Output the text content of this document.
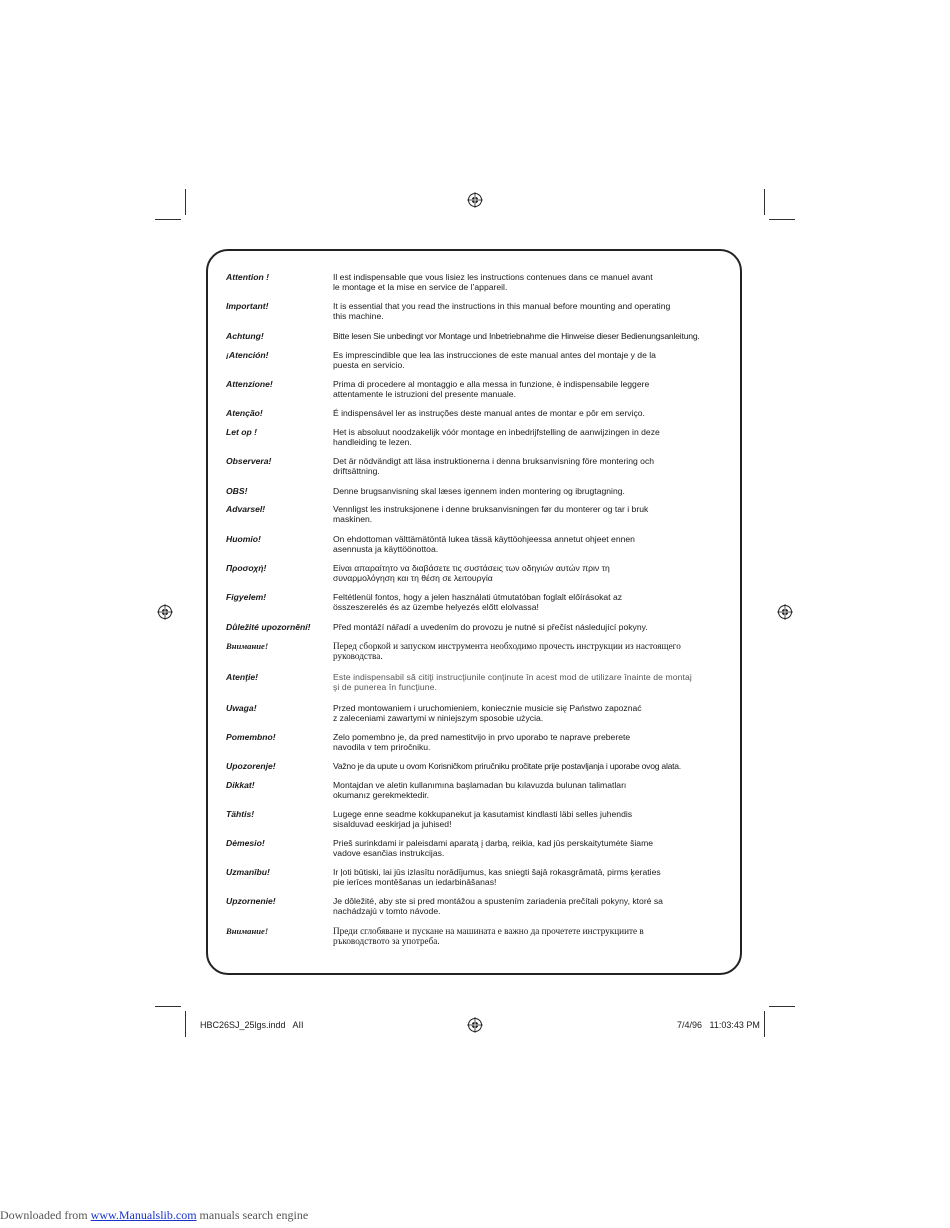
Attention !	Il est indispensable que vous lisiez les instructions contenues dans ce manuel avant
le montage et la mise en service de l’appareil.
Important!	It is essential that you read the instructions in this manual before mounting and operating
this machine.
Achtung!	Bitte lesen Sie unbedingt vor Montage und Inbetriebnahme die Hinweise dieser Bedienungsanleitung.
¡Atención!	Es imprescindible que lea las instrucciones de este manual antes del montaje y de la
puesta en servicio.
Attenzione!	Prima di procedere al montaggio e alla messa in funzione, è indispensabile leggere
attentamente le istruzioni del presente manuale.
Atenção!	É indispensável ler as instruções deste manual antes de montar e pôr em serviço.
Let op !	Het is absoluut noodzakelijk vóór montage en inbedrijfstelling de aanwijzingen in deze
handleiding te lezen.
Observera!	Det är nödvändigt att läsa instruktionerna i denna bruksanvisning före montering och
driftsättning.
OBS!	Denne brugsanvisning skal læses igennem inden montering og ibrugtagning.
Advarsel!	Vennligst les instruksjonene i denne bruksanvisningen før du monterer og tar i bruk
maskinen.
Huomio!	On ehdottoman välttämätöntä lukea tässä käyttöohjeessa annetut ohjeet ennen
asennusta ja käyttöönottoa.
Προσοχή!	Είναι απαραίτητο να διαβάσετε τις συστάσεις των οδηγιών αυτών πριν τη
συναρμολόγηση και τη θέση σε λειτουργία
Figyelem!	Feltétlenül fontos, hogy a jelen használati útmutatóban foglalt előírásokat az
összeszerelés és az üzembe helyezés előtt elolvassa!
Důležité upozornění!	Před montáží nářadí a uvedením do provozu je nutné si přečíst následující pokyny.
Внимание!	Перед сборкой и запуском инструмента необходимо прочесть инструкции из настоящего
руководства.
Atenţie!	Este indispensabil să citiţi instrucţiunile conţinute în acest mod de utilizare înainte de montaj
şi de punerea în funcţiune.
Uwaga!	Przed montowaniem i uruchomieniem, koniecznie musicie się Państwo zapoznać
z zaleceniami zawartymi w niniejszym sposobie użycia.
Pomembno!	Zelo pomembno je, da pred namestitvijo in prvo uporabo te naprave preberete
navodila v tem priročniku.
Upozorenje!	Važno je da upute u ovom Korisničkom priručniku pročitate prije postavljanja i uporabe ovog alata.
Dikkat!	Montajdan ve aletin kullanımına başlamadan bu kılavuzda bulunan talimatları
okumanız gerekmektedir.
Tähtis!	Lugege enne seadme kokkupanekut ja kasutamist kindlasti läbi selles juhendis
sisalduvad eeskirjad ja juhised!
Dėmesio!	Prieš surinkdami ir paleisdami aparatą į darbą, reikia, kad jūs perskaitytumėte šiame
vadove esančias instrukcijas.
Uzmanību!	Ir ļoti būtiski, lai jūs izlasītu norādījumus, kas sniegti šajā rokasgrāmatā, pirms ķeraties
pie ierīces montēšanas un iedarbināšanas!
Upzornenie!	Je dôležité, aby ste si pred montážou a spustením zariadenia prečítali pokyny, ktoré sa
nachádzajú v tomto návode.
Внимание!	Преди сглобяване и пускане на машината е важно да прочетете инструкциите в
ръководството за употреба.
HBC26SJ_25lgs.indd   AII	7/4/96   11:03:43 PM
Downloaded from www.Manualslib.com manuals search engine
